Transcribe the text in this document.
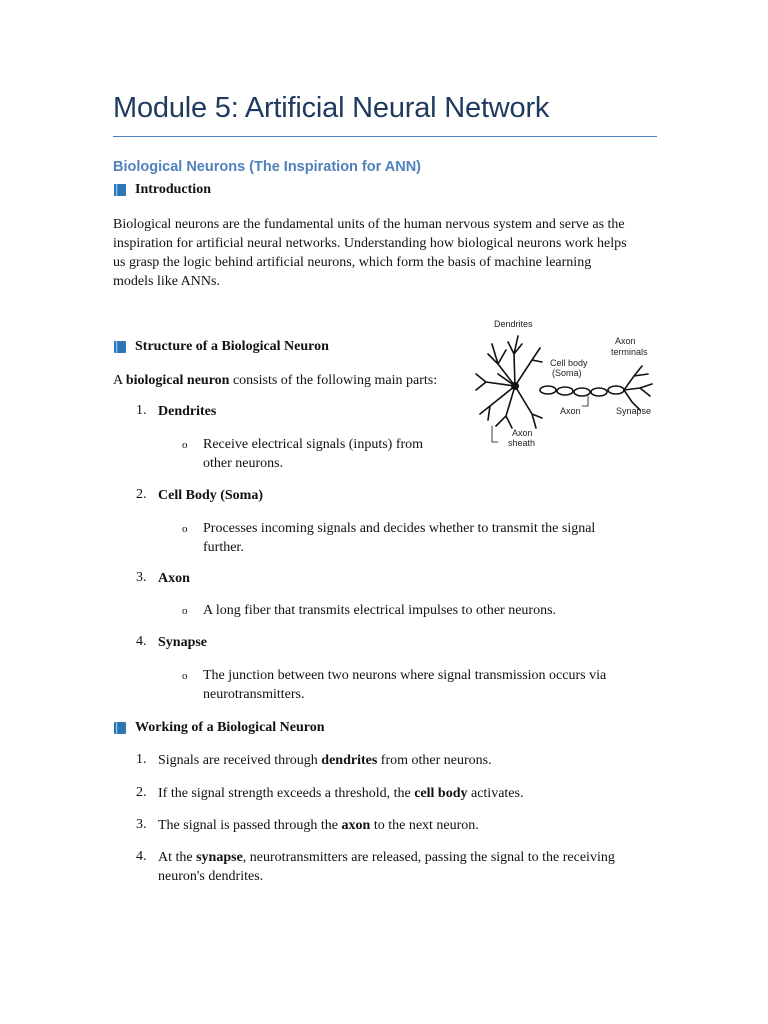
Module 5: Artificial Neural Network
Biological Neurons (The Inspiration for ANN)
Introduction

Biological neurons are the fundamental units of the human nervous system and serve as the

inspiration for artificial neural networks. Understanding how biological neurons work helps

us grasp the logic behind artificial neurons, which form the basis of machine learning

models like ANNs.

Structure of a Biological Neuron

A biological neuron consists of the following main parts:

1. Dendrites
o Receive electrical signals (inputs) from
other neurons.
2. Cell Body (Soma)
o Processes incoming signals and decides whether to transmit the signal
further.
3. Axon
o A long fiber that transmits electrical impulses to other neurons.
4. Synapse
o The junction between two neurons where signal transmission occurs via
neurotransmitters.
Dendrites
Axon
terminals
Cell body
(Soma)
Axon	Synapse
Axon
sheath
Working of a Biological Neuron
1. Signals are received through dendrites from other neurons.
2. If the signal strength exceeds a threshold, the cell body activates.
3. The signal is passed through the axon to the next neuron.
4. At the synapse, neurotransmitters are released, passing the signal to the receiving
neuron's dendrites.
